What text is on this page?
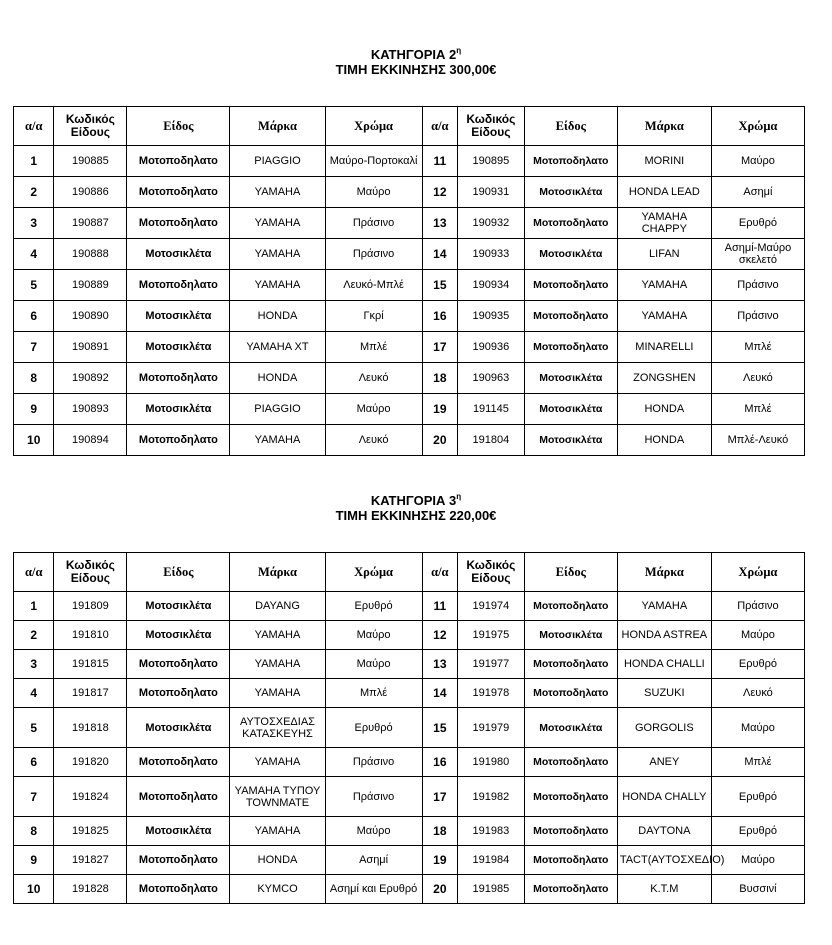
ΚΑΤΗΓΟΡΙΑ $2^\eta$
ΤΙΜΗ ΕΚΚΙΝΗΣΗΣ 300,00€
α/α	Κωδικός Είδους	Είδος	Μάρκα	Χρώμα	α/α	Κωδικός Είδους	Είδος	Μάρκα	Χρώμα
1	190885	Μοτοποδηλατο	PIAGGIO	Μαύρο-Πορτοκαλί	11	190895	Μοτοποδηλατο	MORINI	Μαύρο
2	190886	Μοτοποδηλατο	YAMAHA	Μαύρο	12	190931	Μοτοσικλέτα	HONDA LEAD	Ασημί
3	190887	Μοτοποδηλατο	YAMAHA	Πράσινο	13	190932	Μοτοποδηλατο	YAMAHA CHAPPY	Ερυθρό
4	190888	Μοτοσικλέτα	YAMAHA	Πράσινο	14	190933	Μοτοσικλέτα	LIFAN	Ασημί-Μαύρο σκελετό
5	190889	Μοτοποδηλατο	YAMAHA	Λευκό-Μπλέ	15	190934	Μοτοποδηλατο	YAMAHA	Πράσινο
6	190890	Μοτοσικλέτα	HONDA	Γκρί	16	190935	Μοτοποδηλατο	YAMAHA	Πράσινο
7	190891	Μοτοσικλέτα	YAMAHA XT	Μπλέ	17	190936	Μοτοποδηλατο	MINARELLI	Μπλέ
8	190892	Μοτοποδηλατο	HONDA	Λευκό	18	190963	Μοτοσικλέτα	ZONGSHEN	Λευκό
9	190893	Μοτοσικλέτα	PIAGGIO	Μαύρο	19	191145	Μοτοσικλέτα	HONDA	Μπλέ
10	190894	Μοτοποδηλατο	YAMAHA	Λευκό	20	191804	Μοτοσικλέτα	HONDA	Μπλέ-Λευκό
ΚΑΤΗΓΟΡΙΑ $3^\eta$
ΤΙΜΗ ΕΚΚΙΝΗΣΗΣ 220,00€
α/α	Κωδικός Είδους	Είδος	Μάρκα	Χρώμα	α/α	Κωδικός Είδους	Είδος	Μάρκα	Χρώμα
1	191809	Μοτοσικλέτα	DAYANG	Ερυθρό	11	191974	Μοτοποδηλατο	YAMAHA	Πράσινο
2	191810	Μοτοσικλέτα	YAMAHA	Μαύρο	12	191975	Μοτοσικλέτα	HONDA ASTREA	Μαύρο
3	191815	Μοτοποδηλατο	YAMAHA	Μαύρο	13	191977	Μοτοποδηλατο	HONDA CHALLI	Ερυθρό
4	191817	Μοτοποδηλατο	YAMAHA	Μπλέ	14	191978	Μοτοποδηλατο	SUZUKI	Λευκό
5	191818	Μοτοσικλέτα	ΑΥΤΟΣΧΕΔΙΑΣ ΚΑΤΑΣΚΕΥΗΣ	Ερυθρό	15	191979	Μοτοσικλέτα	GORGOLIS	Μαύρο
6	191820	Μοτοποδηλατο	YAMAHA	Πράσινο	16	191980	Μοτοποδηλατο	ANEY	Μπλέ
7	191824	Μοτοποδηλατο	YAMAHA ΤΥΠΟΥ TOWNMATE	Πράσινο	17	191982	Μοτοποδηλατο	HONDA CHALLY	Ερυθρό
8	191825	Μοτοσικλέτα	YAMAHA	Μαύρο	18	191983	Μοτοποδηλατο	DAYTONA	Ερυθρό
9	191827	Μοτοποδηλατο	HONDA	Ασημί	19	191984	Μοτοποδηλατο	TACT(ΑΥΤΟΣΧΕΔΙΟ)	Μαύρο
10	191828	Μοτοποδηλατο	KYMCO	Ασημί και Ερυθρό	20	191985	Μοτοποδηλατο	K.T.M	Βυσσινί
